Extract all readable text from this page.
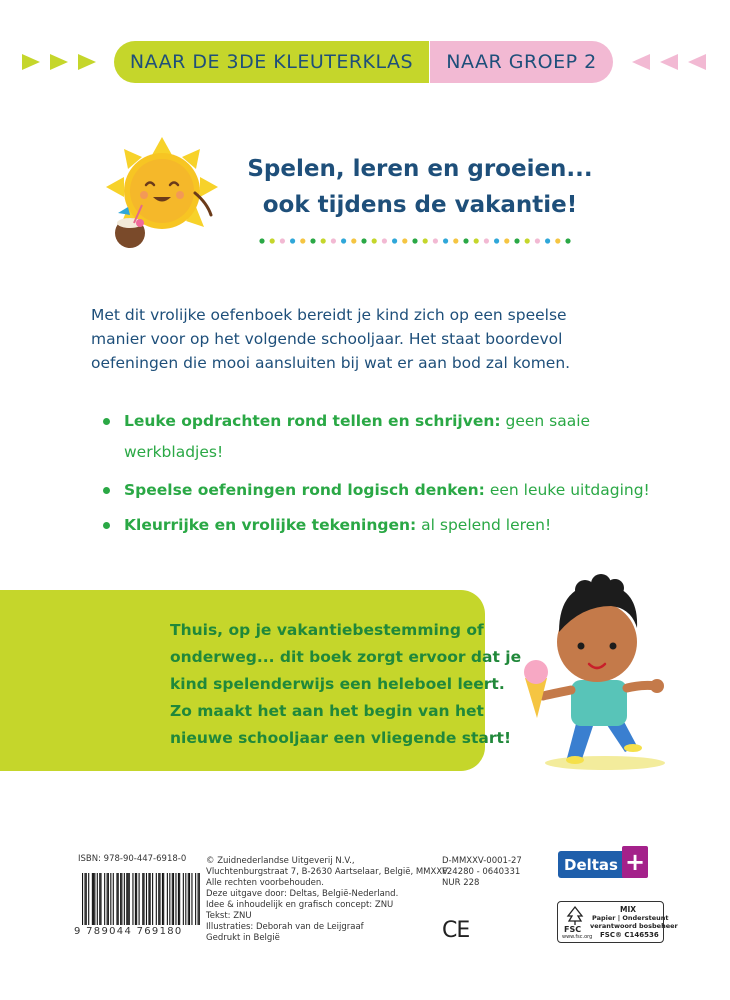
NAAR DE 3DE KLEUTERKLAS	NAAR GROEP 2
Spelen, leren en groeien...
ook tijdens de vakantie!
Met dit vrolijke oefenboek bereidt je kind zich op een speelse
manier voor op het volgende schooljaar. Het staat boordevol
oefeningen die mooi aansluiten bij wat er aan bod zal komen.
Leuke opdrachten rond tellen en schrijven: geen saaie
werkbladjes!
Speelse oefeningen rond logisch denken: een leuke uitdaging!
Kleurrijke en vrolijke tekeningen: al spelend leren!
Thuis, op je vakantiebestemming of
onderweg... dit boek zorgt ervoor dat je
kind spelenderwijs een heleboel leert.
Zo maakt het aan het begin van het
nieuwe schooljaar een vliegende start!
ISBN: 978-90-447-6918-0
9 789044 769180
© Zuidnederlandse Uitgeverij N.V.,
Vluchtenburgstraat 7, B-2630 Aartselaar, België, MMXXV.
Alle rechten voorbehouden.
Deze uitgave door: Deltas, België-Nederland.
Idee & inhoudelijk en grafisch concept: ZNU
Tekst: ZNU
Illustraties: Deborah van de Leijgraaf
Gedrukt in België
D-MMXXV-0001-27
F24280 - 0640331
NUR 228
CE
Deltas +
FSC
www.fsc.org
MIX
Papier | Ondersteunt
verantwoord bosbeheer
FSC® C146536
